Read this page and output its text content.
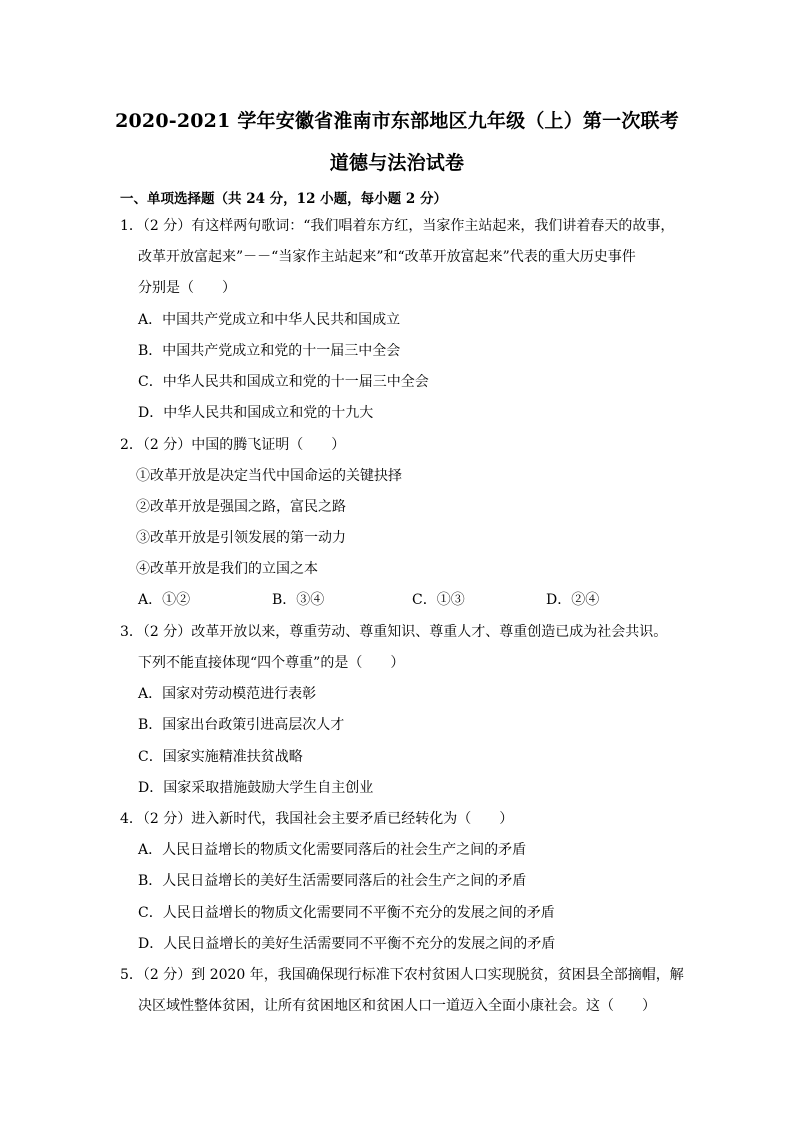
2020-2021 学年安徽省淮南市东部地区九年级（上）第一次联考
道德与法治试卷
一、单项选择题（共 24 分，12 小题，每小题 2 分）
1．（2 分）有这样两句歌词：“我们唱着东方红，当家作主站起来，我们讲着春天的故事，
改革开放富起来”－－“当家作主站起来”和“改革开放富起来”代表的重大历史事件
分别是（　　）
A．中国共产党成立和中华人民共和国成立
B．中国共产党成立和党的十一届三中全会
C．中华人民共和国成立和党的十一届三中全会
D．中华人民共和国成立和党的十九大
2．（2 分）中国的腾飞证明（　　）
①改革开放是决定当代中国命运的关键抉择
②改革开放是强国之路，富民之路
③改革开放是引领发展的第一动力
④改革开放是我们的立国之本
A．①②	B．③④	C．①③	D．②④
3．（2 分）改革开放以来，尊重劳动、尊重知识、尊重人才、尊重创造已成为社会共识。
下列不能直接体现“四个尊重”的是（　　）
A．国家对劳动模范进行表彰
B．国家出台政策引进高层次人才
C．国家实施精准扶贫战略
D．国家采取措施鼓励大学生自主创业
4．（2 分）进入新时代，我国社会主要矛盾已经转化为（　　）
A．人民日益增长的物质文化需要同落后的社会生产之间的矛盾
B．人民日益增长的美好生活需要同落后的社会生产之间的矛盾
C．人民日益增长的物质文化需要同不平衡不充分的发展之间的矛盾
D．人民日益增长的美好生活需要同不平衡不充分的发展之间的矛盾
5．（2 分）到 2020 年，我国确保现行标准下农村贫困人口实现脱贫，贫困县全部摘帽，解
决区域性整体贫困，让所有贫困地区和贫困人口一道迈入全面小康社会。这（　　）
